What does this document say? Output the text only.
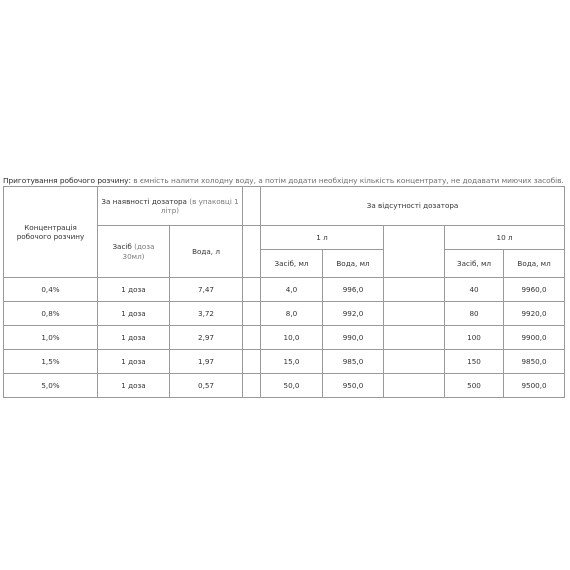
Приготування робочого розчину: в ємність налити холодну воду, а потім додати необхідну кількість концентрату, не додавати миючих засобів.

Концентрація робочого розчину	За наявності дозатора (в упаковці 1 літр)			За відсутності дозатора				
	Засіб (доза 30мл)	Вода, л		1 л			10 л	
				Засіб, мл	Вода, мл		Засіб, мл	Вода, мл
0,4%	1 доза	7,47		4,0	996,0		40	9960,0
0,8%	1 доза	3,72		8,0	992,0		80	9920,0
1,0%	1 доза	2,97		10,0	990,0		100	9900,0
1,5%	1 доза	1,97		15,0	985,0		150	9850,0
5,0%	1 доза	0,57		50,0	950,0		500	9500,0
